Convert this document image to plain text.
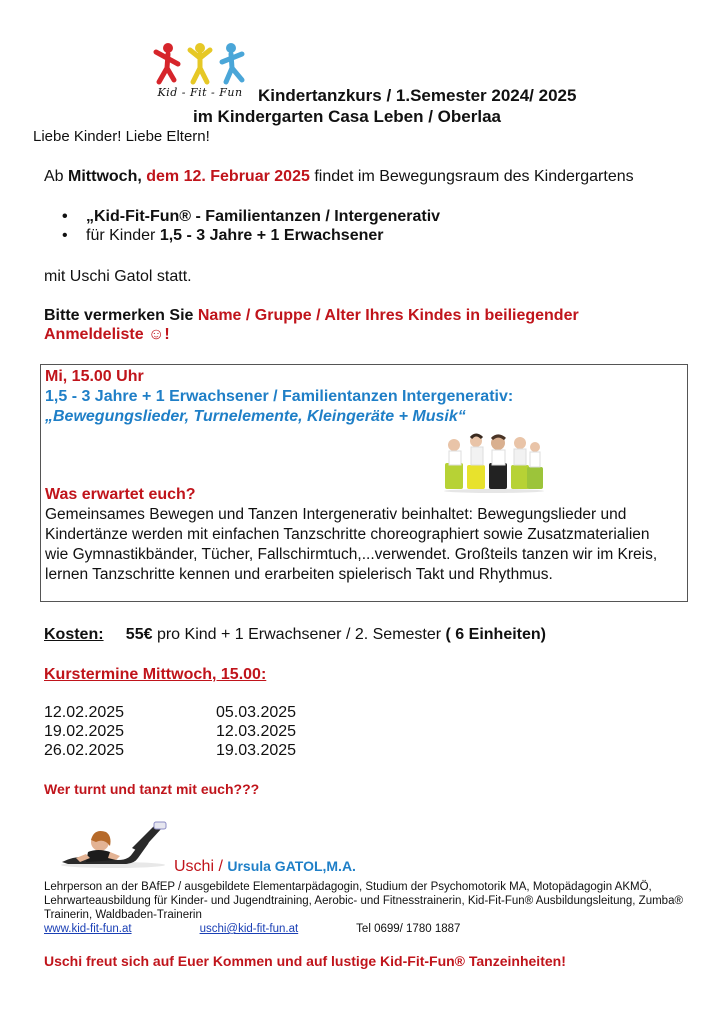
Kid - Fit - Fun Kindertanzkurs / 1.Semester 2024/ 2025
im Kindergarten Casa Leben / Oberlaa
Liebe Kinder! Liebe Eltern!
Ab Mittwoch, dem 12. Februar 2025 findet im Bewegungsraum des Kindergartens
• „Kid-Fit-Fun® - Familientanzen / Intergenerativ
• für Kinder 1,5 - 3 Jahre + 1 Erwachsener
mit Uschi Gatol statt.
Bitte vermerken Sie Name / Gruppe / Alter Ihres Kindes in beiliegender Anmeldeliste ☺!
Mi, 15.00 Uhr
1,5 - 3 Jahre + 1 Erwachsener / Familientanzen Intergenerativ:
„Bewegungslieder, Turnelemente, Kleingeräte + Musik“
Was erwartet euch?
Gemeinsames Bewegen und Tanzen Intergenerativ beinhaltet: Bewegungslieder und Kindertänze werden mit einfachen Tanzschritte choreographiert sowie Zusatzmaterialien wie Gymnastikbänder, Tücher, Fallschirmtuch,...verwendet. Großteils tanzen wir im Kreis, lernen Tanzschritte kennen und erarbeiten spielerisch Takt und Rhythmus.
Kosten: 55€ pro Kind + 1 Erwachsener / 2. Semester ( 6 Einheiten)
Kurstermine Mittwoch, 15.00:
12.02.2025	05.03.2025
19.02.2025	12.03.2025
26.02.2025	19.03.2025
Wer turnt und tanzt mit euch???
Uschi / Ursula GATOL,M.A.
Lehrperson an der BAfEP / ausgebildete Elementarpädagogin, Studium der Psychomotorik MA, Motopädagogin AKMÖ, Lehrwarteausbildung für Kinder- und Jugendtraining, Aerobic- und Fitnesstrainerin, Kid-Fit-Fun® Ausbildungsleitung, Zumba® Trainerin, Waldbaden-Trainerin
www.kid-fit-fun.at	uschi@kid-fit-fun.at	Tel 0699/ 1780 1887
Uschi freut sich auf Euer Kommen und auf lustige Kid-Fit-Fun® Tanzeinheiten!
